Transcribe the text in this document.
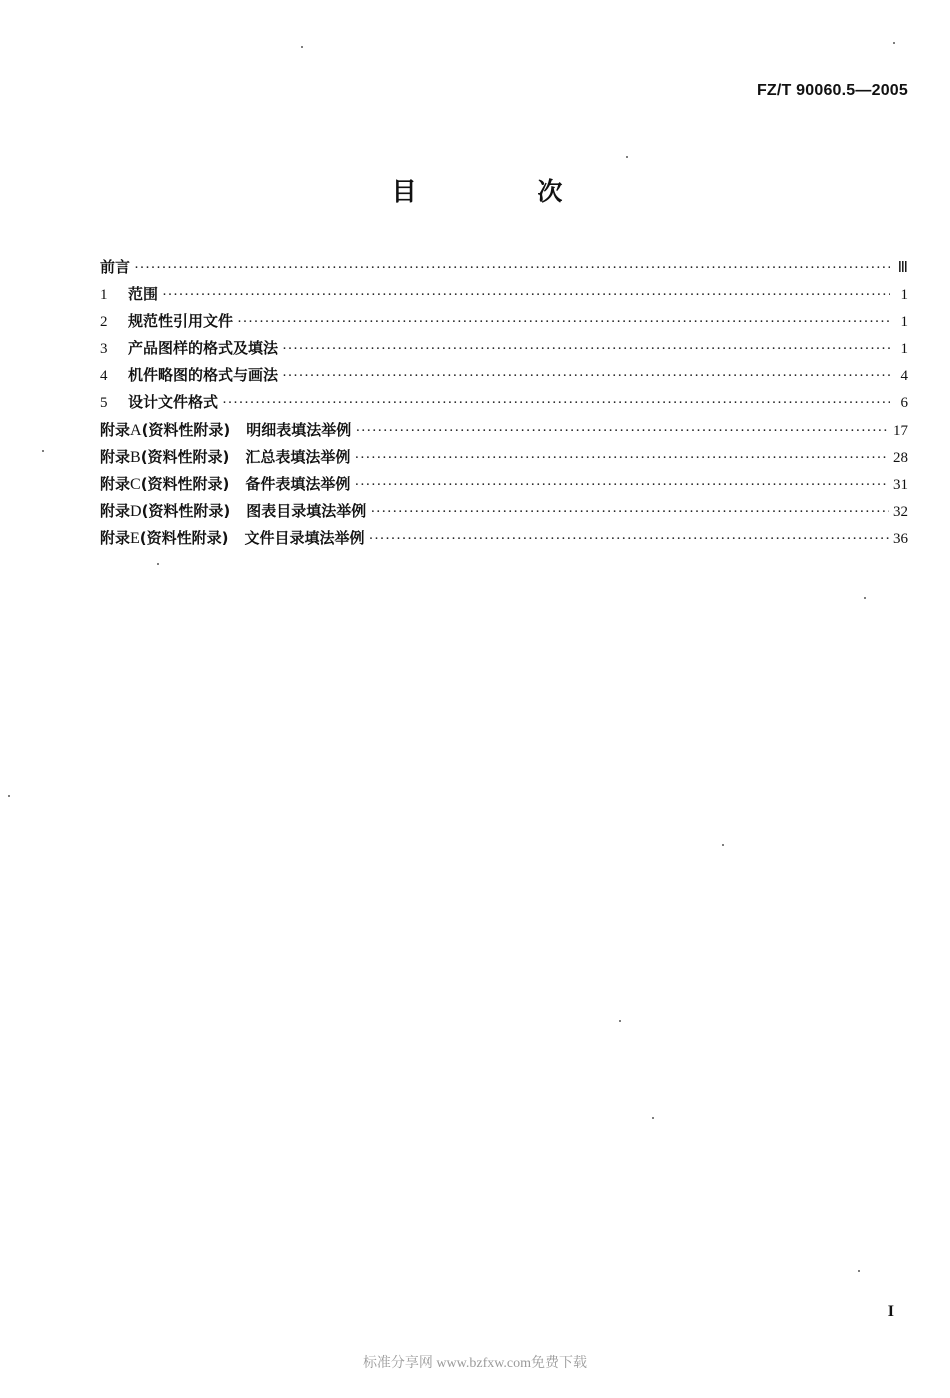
FZ/T 90060.5—2005
目 次
前言 ·····	Ⅲ
1	范围 ·····	1
2	规范性引用文件 ·····	1
3	产品图样的格式及填法 ·····	1
4	机件略图的格式与画法 ·····	4
5	设计文件格式 ·····	6
附录 A (资料性附录) 明细表填法举例 ·····	17
附录 B (资料性附录) 汇总表填法举例 ·····	28
附录 C (资料性附录) 备件表填法举例 ·····	31
附录 D (资料性附录) 图表目录填法举例 ·····	32
附录 E (资料性附录) 文件目录填法举例 ·····	36
I
标准分享网 www.bzfxw.com免费下载
